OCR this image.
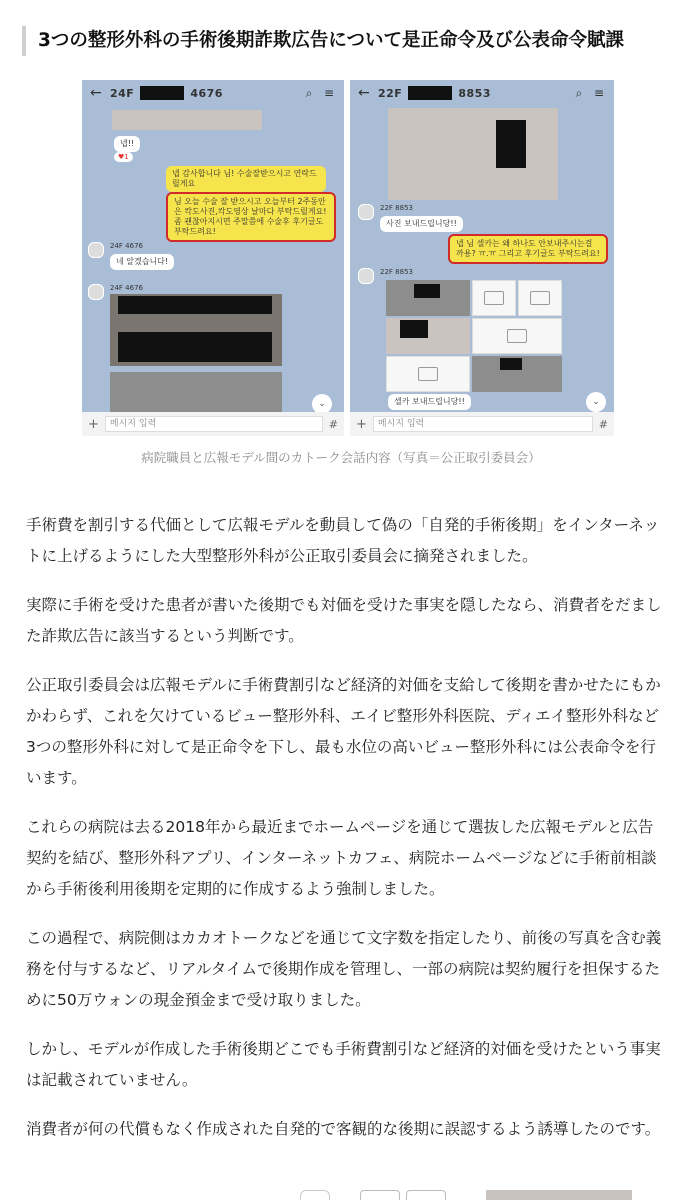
3つの整形外科の手術後期詐欺広告について是正命令及び公表命令賦課
← 24F	4676	⌕ ≡
넵!!
♥1
넵 감사합니다 님! 수술잘받으시고 연락드릴게요
님 오늘 수술 잘 받으시고 오늘부터 2주동안은 칵도사진,칵도영상 날마다 부탁드릴게요! 좀 괜찮아지시면 주말쯤에 수술후 후기글도 부탁드려요!
24F 4676
네 알겠습니다!
24F 4676
⌄
+	메시지 입력	#
← 22F	8853	⌕ ≡
22F 8853
사진 보내드립니당!!
넵 님 셀카는 왜 하나도 안보내주시는걸까용? ㅠ.ㅠ 그리고 후기글도 부탁드려요!
22F 8853
셀카 보내드립니당!!	⌄
+	메시지 입력	#
病院職員と広報モデル間のカトーク会話内容（写真＝公正取引委員会）

手術費を割引する代価として広報モデルを動員して偽の「自発的手術後期」をインターネットに上げるようにした大型整形外科が公正取引委員会に摘発されました。

実際に手術を受けた患者が書いた後期でも対価を受けた事実を隠したなら、消費者をだました詐欺広告に該当するという判断です。

公正取引委員会は広報モデルに手術費割引など経済的対価を支給して後期を書かせたにもかかわらず、これを欠けているビュー整形外科、エイビ整形外科医院、ディエイ整形外科など3つの整形外科に対して是正命令を下し、最も水位の高いビュー整形外科には公表命令を行います。

これらの病院は去る2018年から最近までホームページを通じて選抜した広報モデルと広告契約を結び、整形外科アプリ、インターネットカフェ、病院ホームページなどに手術前相談から手術後利用後期を定期的に作成するよう強制しました。

この過程で、病院側はカカオトークなどを通じて文字数を指定したり、前後の写真を含む義務を付与するなど、リアルタイムで後期作成を管理し、一部の病院は契約履行を担保するために50万ウォンの現金預金まで受け取りました。

しかし、モデルが作成した手術後期どこでも手術費割引など経済的対価を受けたという事実は記載されていません。

消費者が何の代償もなく作成された自発的で客観的な後期に誤認するよう誘導したのです。
